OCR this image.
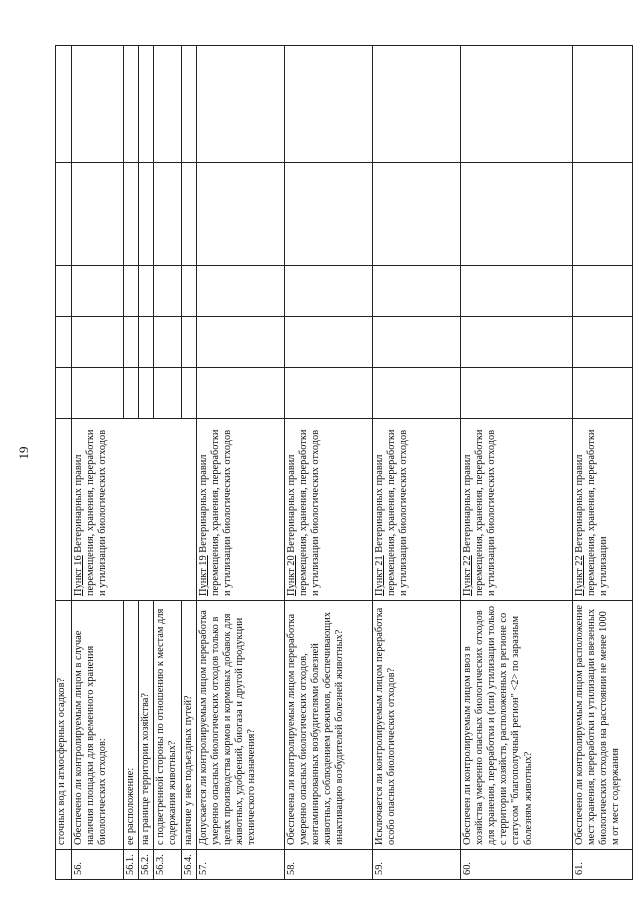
19
	сточных вод и атмосферных осадков?						
56.	Обеспечено ли контролируемым лицом в случае наличия площадки для временного хранения биологических отходов:	Пункт 16 Ветеринарных правил перемещения, хранения, переработки и утилизации биологических отходов					
56.1.	ее расположение:						
56.2.	на границе территории хозяйства?						
56.3.	с подветренной стороны по отношению к местам для содержания животных?						
56.4.	наличие у нее подъездных путей?						
57.	Допускается ли контролируемым лицом переработка умеренно опасных биологических отходов только в целях производства кормов и кормовых добавок для животных, удобрений, биогаза и другой продукции технического назначения?	Пункт 19 Ветеринарных правил перемещения, хранения, переработки и утилизации биологических отходов					
58.	Обеспечена ли контролируемым лицом переработка умеренно опасных биологических отходов, контаминированных возбудителями болезней животных, соблюдением режимов, обеспечивающих инактивацию возбудителей болезней животных?	Пункт 20 Ветеринарных правил перемещения, хранения, переработки и утилизации биологических отходов					
59.	Исключается ли контролируемым лицом переработка особо опасных биологических отходов?	Пункт 21 Ветеринарных правил перемещения, хранения, переработки и утилизации биологических отходов					
60.	Обеспечен ли контролируемым лицом ввоз в хозяйства умеренно опасных биологических отходов для хранения, переработки и (или) утилизации только с территории хозяйств, расположенных в регионе со статусом "благополучный регион" <2> по заразным болезням животных?	Пункт 22 Ветеринарных правил перемещения, хранения, переработки и утилизации биологических отходов					
61.	Обеспечено ли контролируемым лицом расположение мест хранения, переработки и утилизации ввезенных биологических отходов на расстоянии не менее 1000 м от мест содержания	Пункт 22 Ветеринарных правил перемещения, хранения, переработки и утилизации					
